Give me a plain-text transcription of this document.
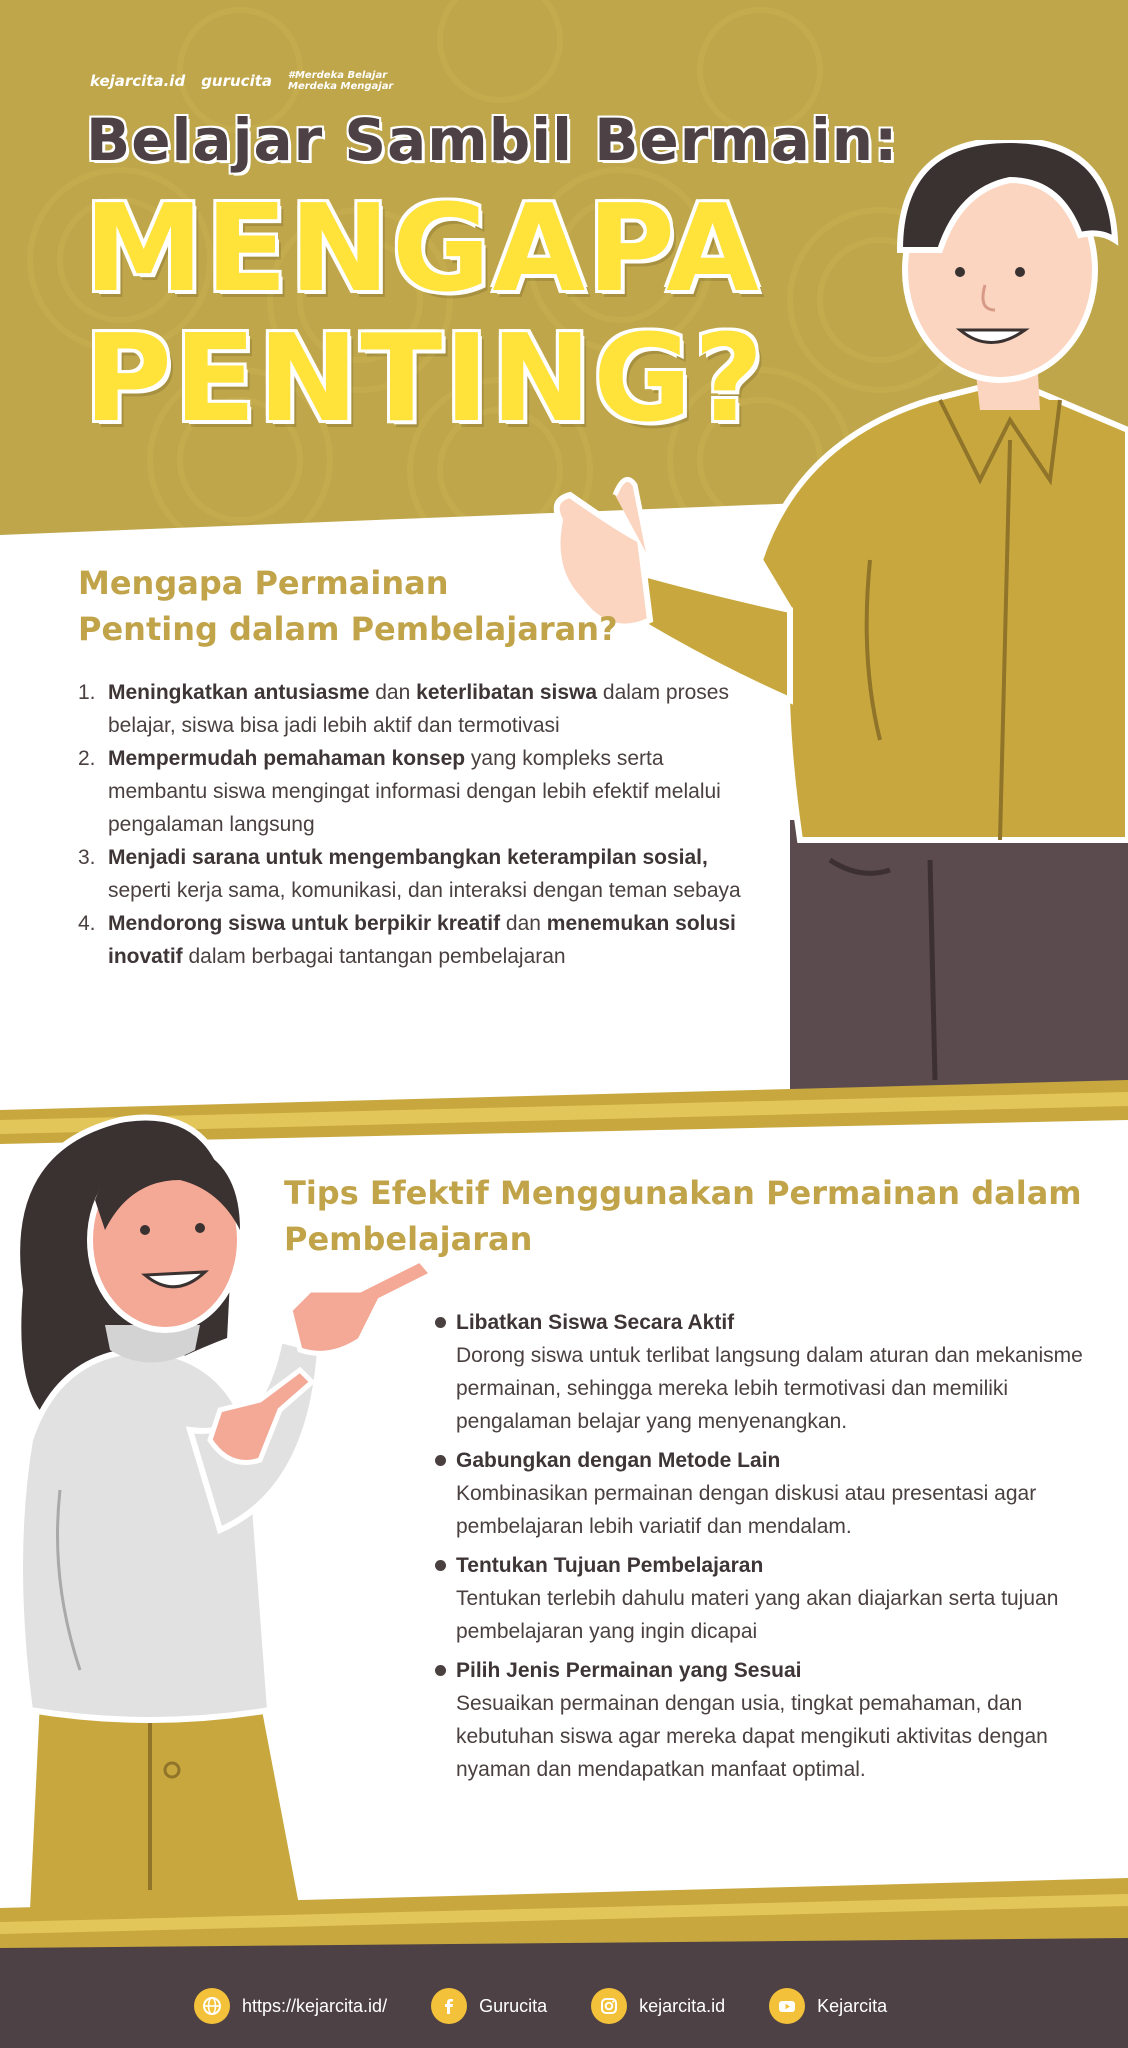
kejarcita.id gurucita #Merdeka Belajar
Merdeka Mengajar
Belajar Sambil Bermain:
MENGAPA
PENTING?
Mengapa Permainan
Penting dalam Pembelajaran?
1. Meningkatkan antusiasme dan keterlibatan siswa dalam proses belajar, siswa bisa jadi lebih aktif dan termotivasi
2. Mempermudah pemahaman konsep yang kompleks serta membantu siswa mengingat informasi dengan lebih efektif melalui pengalaman langsung
3. Menjadi sarana untuk mengembangkan keterampilan sosial, seperti kerja sama, komunikasi, dan interaksi dengan teman sebaya
4. Mendorong siswa untuk berpikir kreatif dan menemukan solusi inovatif dalam berbagai tantangan pembelajaran
Tips Efektif Menggunakan Permainan dalam
Pembelajaran
Libatkan Siswa Secara Aktif
Dorong siswa untuk terlibat langsung dalam aturan dan mekanisme permainan, sehingga mereka lebih termotivasi dan memiliki pengalaman belajar yang menyenangkan.
Gabungkan dengan Metode Lain
Kombinasikan permainan dengan diskusi atau presentasi agar pembelajaran lebih variatif dan mendalam.
Tentukan Tujuan Pembelajaran
Tentukan terlebih dahulu materi yang akan diajarkan serta tujuan pembelajaran yang ingin dicapai
Pilih Jenis Permainan yang Sesuai
Sesuaikan permainan dengan usia, tingkat pemahaman, dan kebutuhan siswa agar mereka dapat mengikuti aktivitas dengan nyaman dan mendapatkan manfaat optimal.
https://kejarcita.id/	Gurucita	kejarcita.id	Kejarcita
